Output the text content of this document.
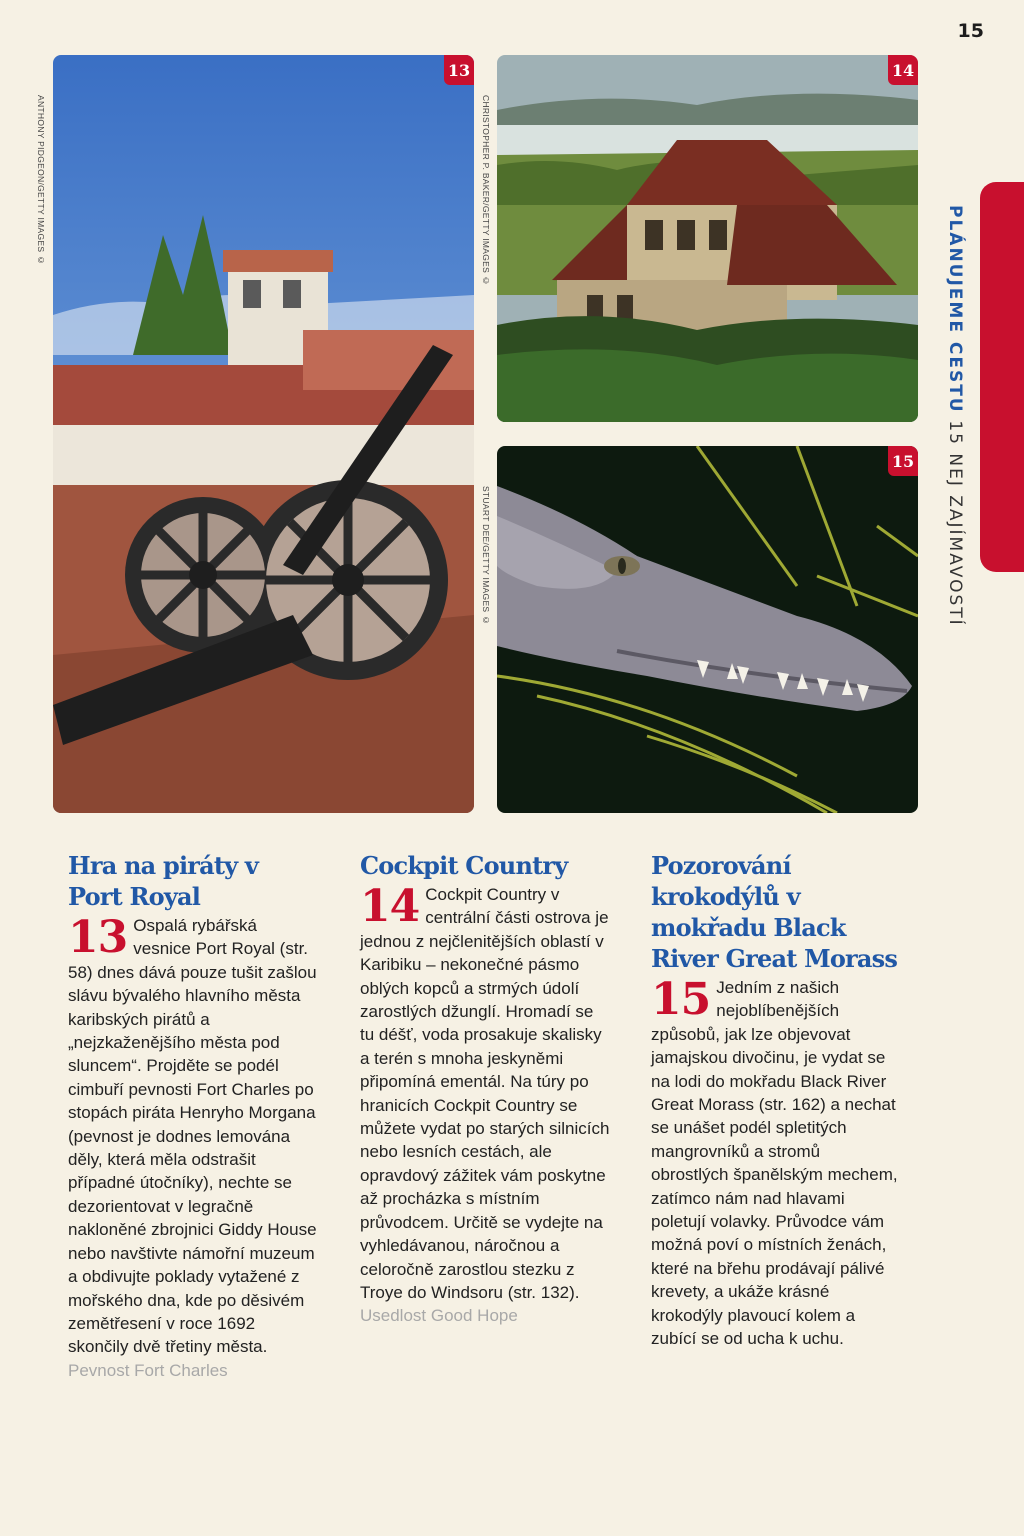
15
PLÁNUJEME CESTU 15 NEJ ZAJÍMAVOSTÍ
13
ANTHONY PIDGEON/GETTY IMAGES ©
14
CHRISTOPHER P. BAKER/GETTY IMAGES ©
15
STUART DEE/GETTY IMAGES ©
Hra na piráty v Port Royal

13 Ospalá rybářská vesnice Port Royal (str. 58) dnes dává pouze tušit zašlou slávu bývalého hlavního města karibských pirátů a „nejzkaženějšího města pod sluncem“. Projděte se podél cimbuří pevnosti Fort Charles po stopách piráta Henryho Morgana (pevnost je dodnes lemována děly, která měla odstrašit případné útočníky), nechte se dezorientovat v legračně nakloněné zbrojnici Giddy House nebo navštivte námořní muzeum a obdivujte poklady vytažené z mořského dna, kde po děsivém zemětřesení v roce 1692 skončily dvě třetiny města. Pevnost Fort Charles

Cockpit Country

14 Cockpit Country v centrální části ostrova je jednou z nejčlenitějších oblastí v Karibiku – nekonečné pásmo oblých kopců a strmých údolí zarostlých džunglí. Hromadí se tu déšť, voda prosakuje skalisky a terén s mnoha jeskyněmi připomíná ementál. Na túry po hranicích Cockpit Country se můžete vydat po starých silnicích nebo lesních cestách, ale opravdový zážitek vám poskytne až procházka s místním průvodcem. Určitě se vydejte na vyhledávanou, náročnou a celoročně zarostlou stezku z Troye do Windsoru (str. 132). Usedlost Good Hope

Pozorování krokodýlů v mokřadu Black River Great Morass

15 Jedním z našich nejoblíbenějších způsobů, jak lze objevovat jamajskou divočinu, je vydat se na lodi do mokřadu Black River Great Morass (str. 162) a nechat se unášet podél spletitých mangrovníků a stromů obrostlých španělským mechem, zatímco nám nad hlavami poletují volavky. Průvodce vám možná poví o místních ženách, které na břehu prodávají pálivé krevety, a ukáže krásné krokodýly plavoucí kolem a zubící se od ucha k uchu.
